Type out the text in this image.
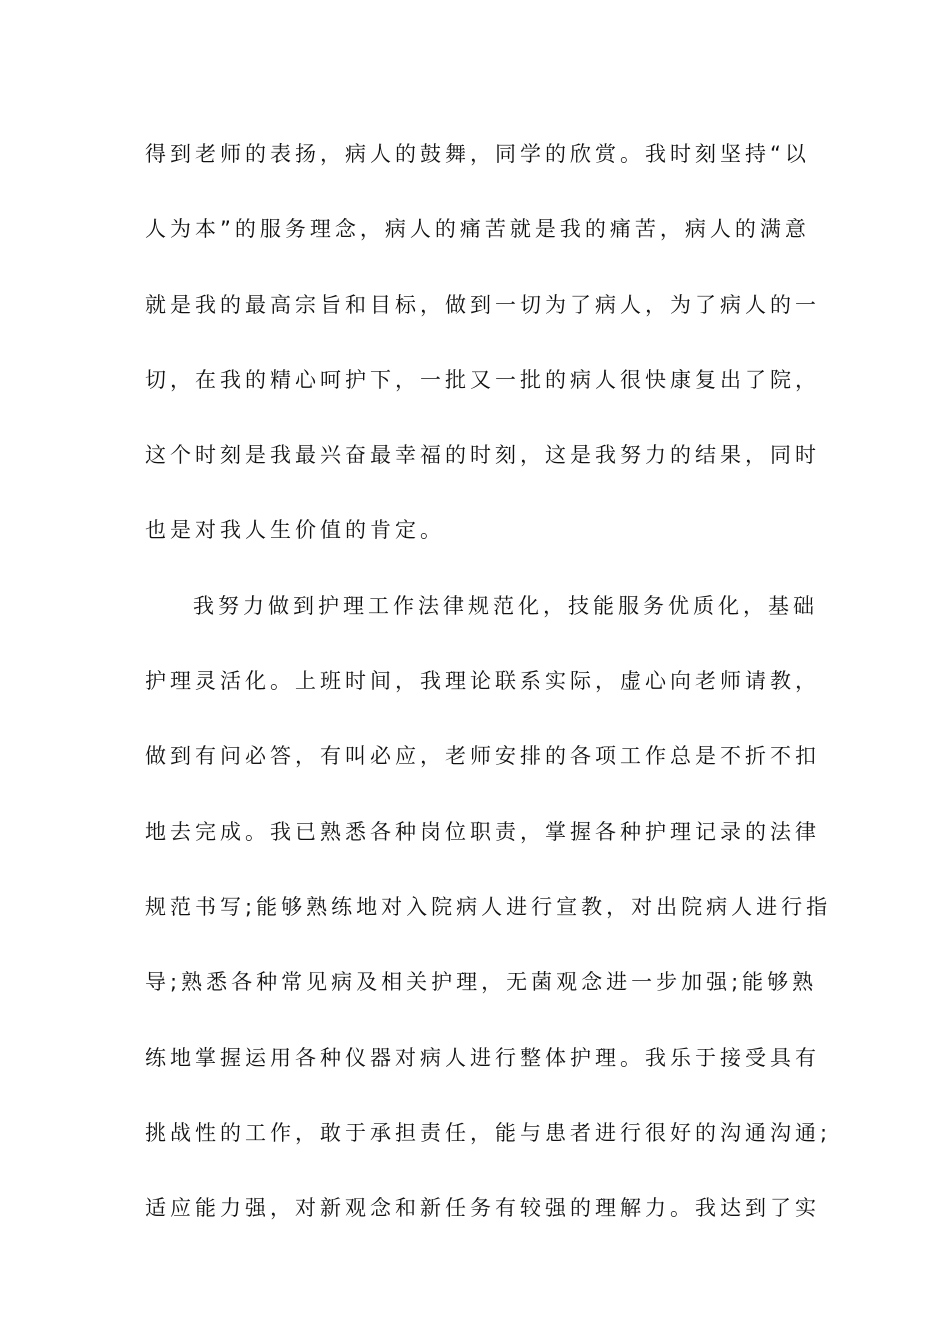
得到老师的表扬，病人的鼓舞，同学的欣赏。我时刻坚持“以
人为本”的服务理念，病人的痛苦就是我的痛苦，病人的满意
就是我的最高宗旨和目标，做到一切为了病人，为了病人的一
切，在我的精心呵护下，一批又一批的病人很快康复出了院，
这个时刻是我最兴奋最幸福的时刻，这是我努力的结果，同时
也是对我人生价值的肯定。
我努力做到护理工作法律规范化，技能服务优质化，基础
护理灵活化。上班时间，我理论联系实际，虚心向老师请教，
做到有问必答，有叫必应，老师安排的各项工作总是不折不扣
地去完成。我已熟悉各种岗位职责，掌握各种护理记录的法律
规范书写;能够熟练地对入院病人进行宣教，对出院病人进行指
导;熟悉各种常见病及相关护理，无菌观念进一步加强;能够熟
练地掌握运用各种仪器对病人进行整体护理。我乐于接受具有
挑战性的工作，敢于承担责任，能与患者进行很好的沟通沟通;
适应能力强，对新观念和新任务有较强的理解力。我达到了实
